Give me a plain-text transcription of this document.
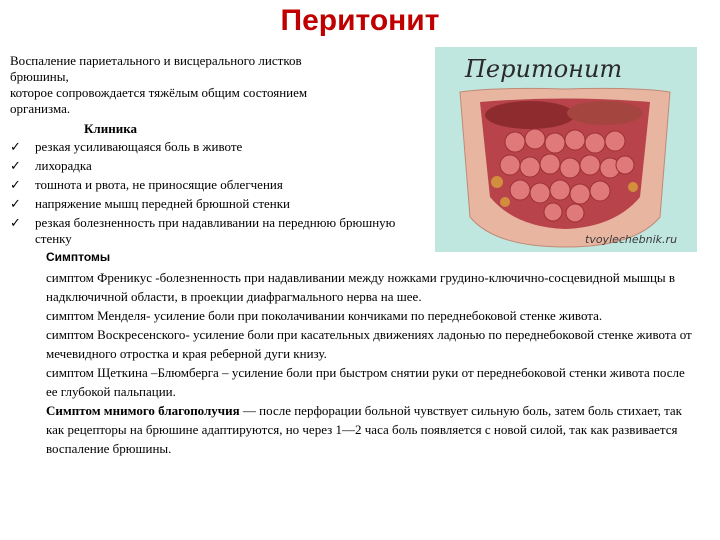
Перитонит
Воспаление париетального и висцерального листков
брюшины,
которое сопровождается тяжёлым общим состоянием
организма.
Клиника
✓ резкая усиливающаяся боль в животе
✓ лихорадка
✓ тошнота и рвота, не приносящие облегчения
✓ напряжение мышц передней брюшной стенки
✓ резкая болезненность при надавливании на переднюю брюшную стенку
Перитонит
tvoylechebnik.ru
Симптомы

симптом Френикус -болезненность при надавливании между ножками грудино-ключично-сосцевидной мышцы в надключичной области, в проекции диафрагмального нерва на шее.

симптом Менделя- усиление боли при поколачивании кончиками по переднебоковой стенке живота.

симптом Воскресенского- усиление боли при касательных движениях ладонью по переднебоковой стенке живота от мечевидного отростка и края реберной дуги книзу.

симптом Щеткина –Блюмберга – усиление боли при быстром снятии руки от переднебоковой стенки живота после ее глубокой пальпации.

Симптом мнимого благополучия — после перфорации больной чувствует сильную боль, затем боль стихает, так как рецепторы на брюшине адаптируются, но через 1—2 часа боль появляется с новой силой, так как развивается воспаление брюшины.
